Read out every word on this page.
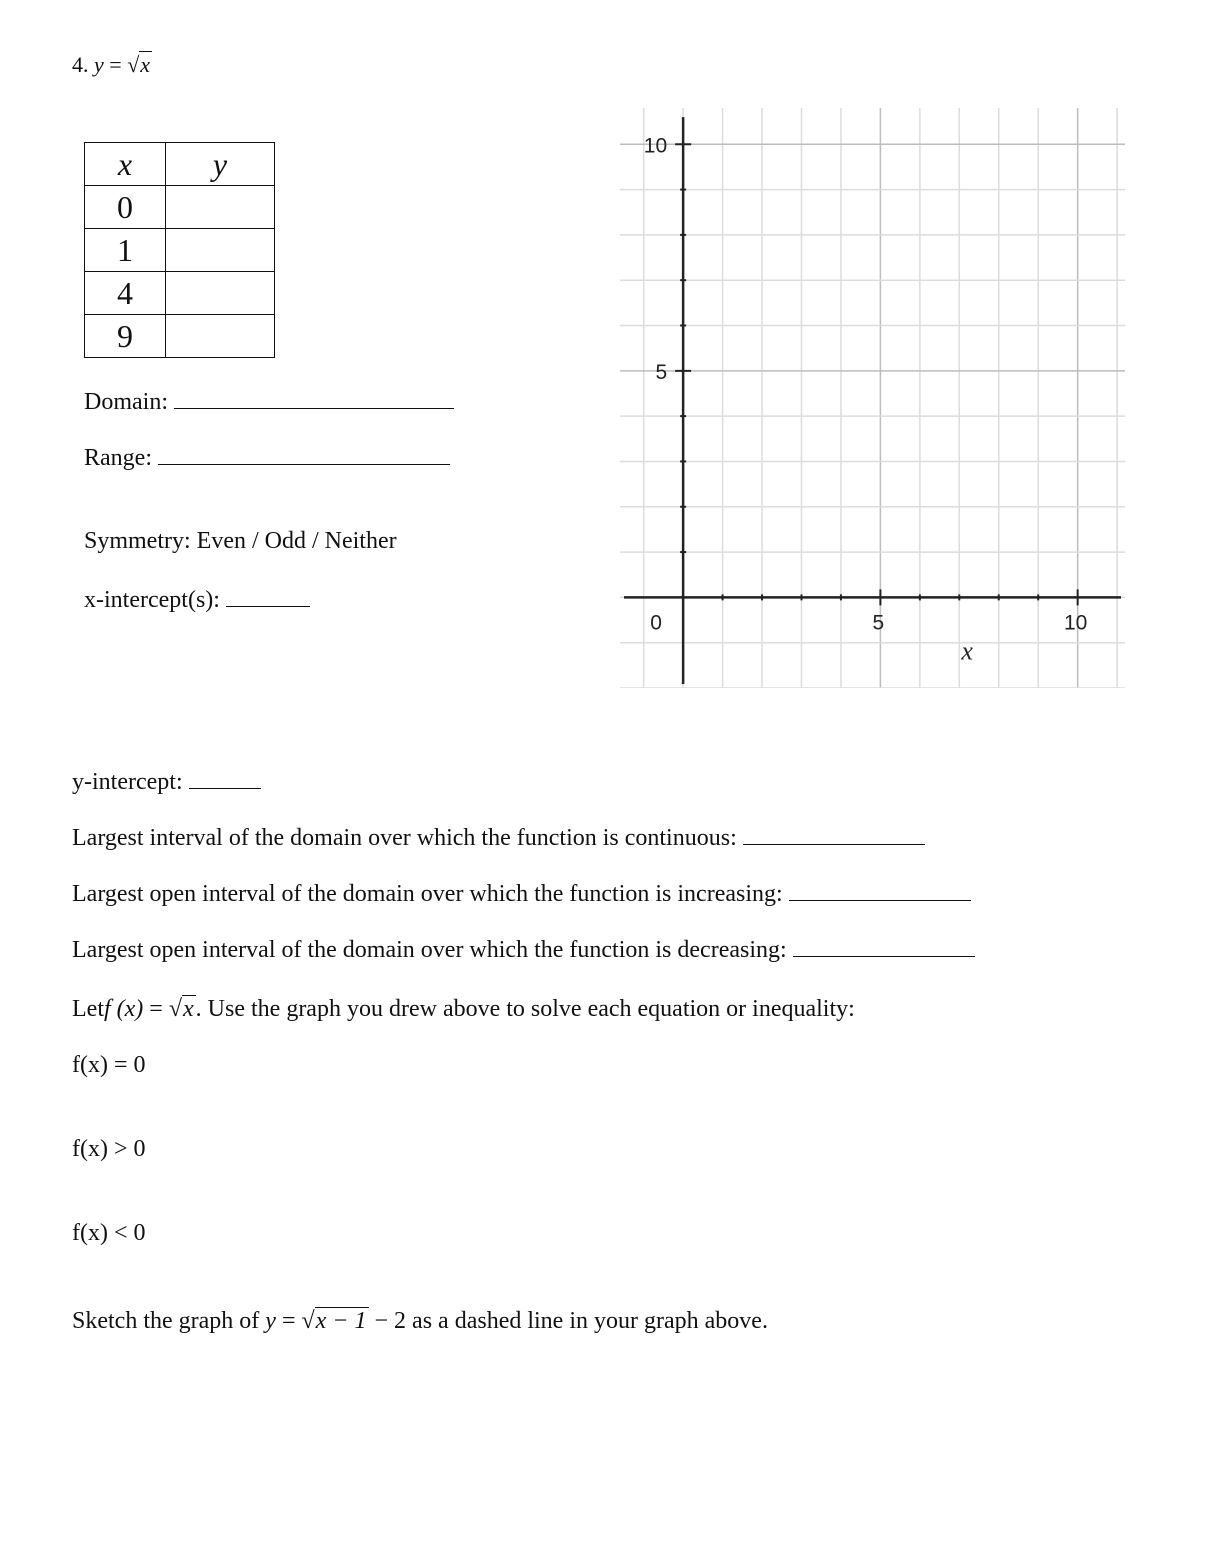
4. y = √x
x	y
0	
1	
4	
9	
Domain:
Range:
Symmetry: Even / Odd / Neither
x-intercept(s):
0	5	10
5
10
x
y-intercept:
Largest interval of the domain over which the function is continuous:
Largest open interval of the domain over which the function is increasing:
Largest open interval of the domain over which the function is decreasing:
Letf (x) = √x. Use the graph you drew above to solve each equation or inequality:
f(x) = 0
f(x) > 0
f(x) < 0
Sketch the graph of y = √x − 1 − 2 as a dashed line in your graph above.
